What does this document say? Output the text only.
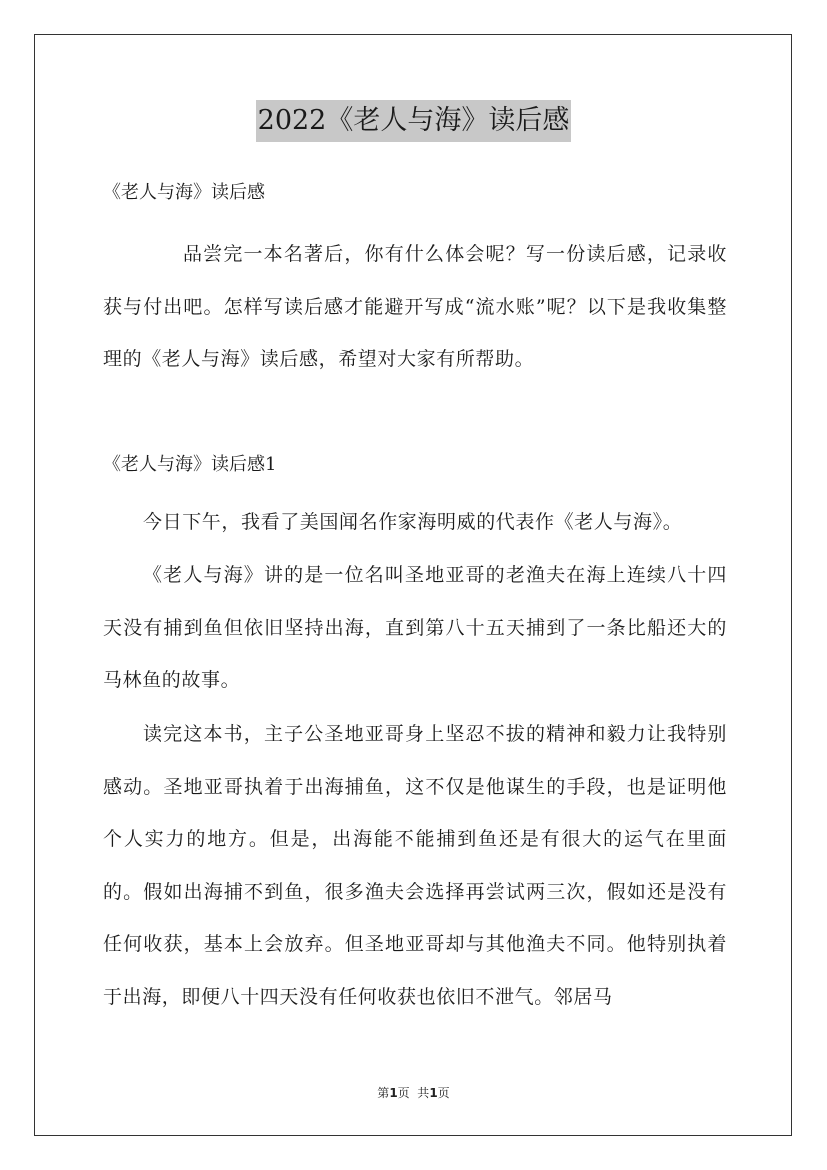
2022《老人与海》读后感
《老人与海》读后感
品尝完一本名著后，你有什么体会呢？写一份读后感，记录收获与付出吧。怎样写读后感才能避开写成“流水账”呢？以下是我收集整理的《老人与海》读后感，希望对大家有所帮助。
《老人与海》读后感1
今日下午，我看了美国闻名作家海明威的代表作《老人与海》。
《老人与海》讲的是一位名叫圣地亚哥的老渔夫在海上连续八十四天没有捕到鱼但依旧坚持出海，直到第八十五天捕到了一条比船还大的马林鱼的故事。
读完这本书，主子公圣地亚哥身上坚忍不拔的精神和毅力让我特别感动。圣地亚哥执着于出海捕鱼，这不仅是他谋生的手段，也是证明他个人实力的地方。但是，出海能不能捕到鱼还是有很大的运气在里面的。假如出海捕不到鱼，很多渔夫会选择再尝试两三次，假如还是没有任何收获，基本上会放弃。但圣地亚哥却与其他渔夫不同。他特别执着于出海，即便八十四天没有任何收获也依旧不泄气。邻居马
第1页  共1页
